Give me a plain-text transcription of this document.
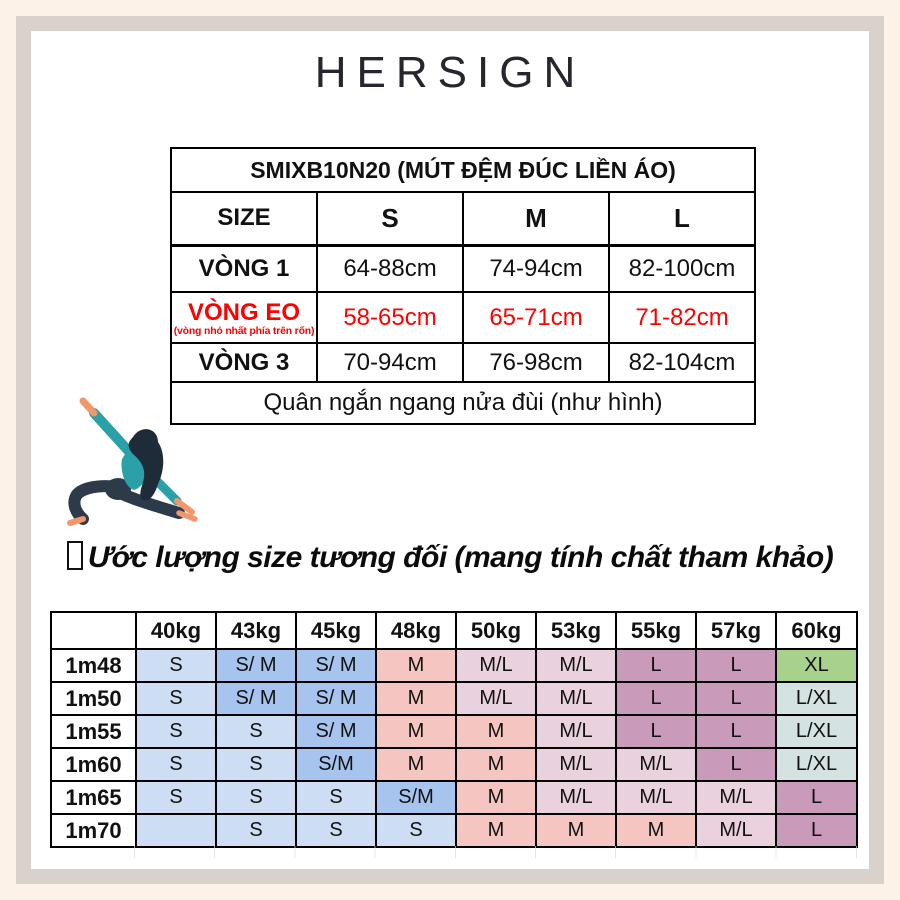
HERSIGN
SMIXB10N20 (MÚT ĐỆM ĐÚC LIỀN ÁO)			
SIZE	S	M	L
VÒNG 1	64-88cm	74-94cm	82-100cm
VÒNG EO
(vòng nhỏ nhất phía trên rốn)	58-65cm	65-71cm	71-82cm
VÒNG 3	70-94cm	76-98cm	82-104cm
Quân ngắn ngang nửa đùi (như hình)			
Ước lượng size tương đối (mang tính chất tham khảo)
	40kg	43kg	45kg	48kg	50kg	53kg	55kg	57kg	60kg
1m48	S	S/ M	S/ M	M	M/L	M/L	L	L	XL
1m50	S	S/ M	S/ M	M	M/L	M/L	L	L	L/XL
1m55	S	S	S/ M	M	M	M/L	L	L	L/XL
1m60	S	S	S/M	M	M	M/L	M/L	L	L/XL
1m65	S	S	S	S/M	M	M/L	M/L	M/L	L
1m70		S	S	S	M	M	M	M/L	L
